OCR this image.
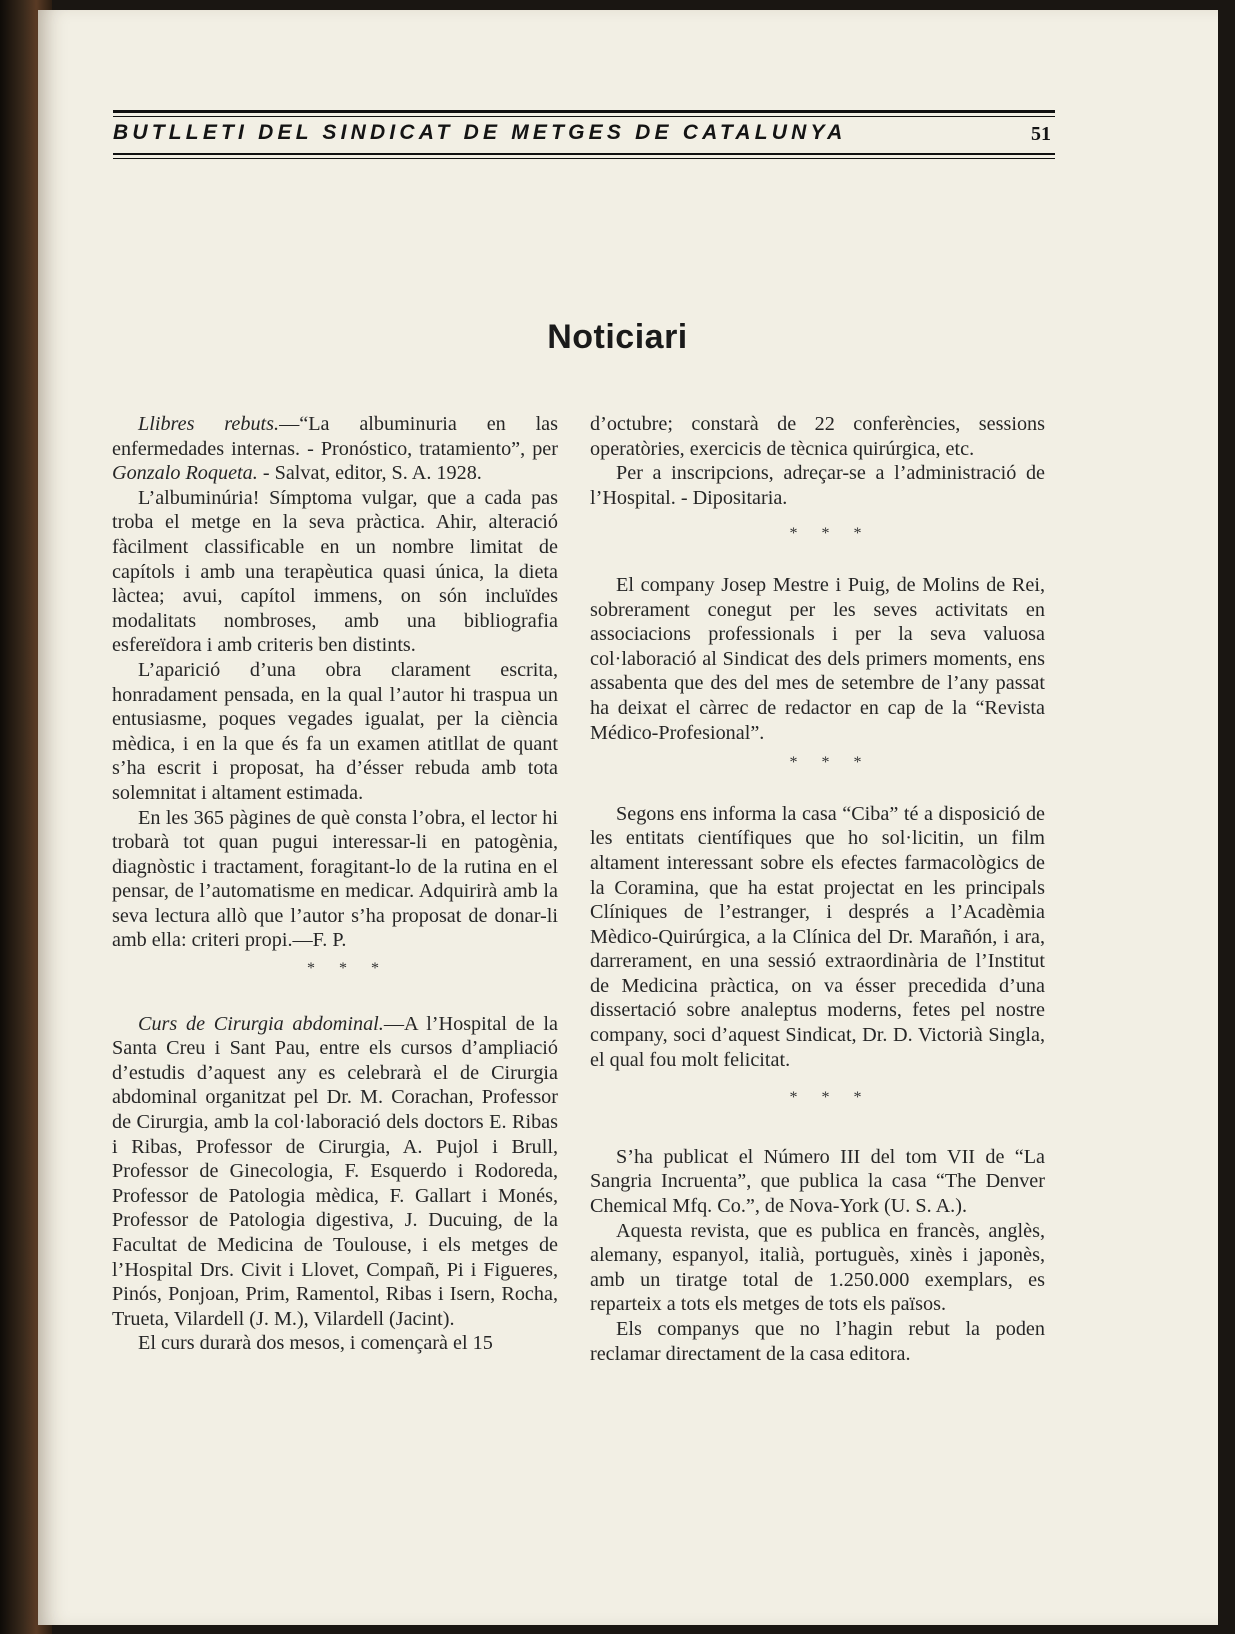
BUTLLETI DEL SINDICAT DE METGES DE CATALUNYA	51
Noticiari

Llibres rebuts.—“La albuminuria en las enfermedades internas. - Pronóstico, tratamiento”, per Gonzalo Roqueta. - Salvat, editor, S. A. 1928.

L’albuminúria! Símptoma vulgar, que a cada pas troba el metge en la seva pràctica. Ahir, alteració fàcilment classificable en un nombre limitat de capítols i amb una terapèutica quasi única, la dieta làctea; avui, capítol immens, on són incluïdes modalitats nombroses, amb una bibliografia esfereïdora i amb criteris ben distints.

L’aparició d’una obra clarament escrita, honradament pensada, en la qual l’autor hi traspua un entusiasme, poques vegades igualat, per la ciència mèdica, i en la que és fa un examen atitllat de quant s’ha escrit i proposat, ha d’ésser rebuda amb tota solemnitat i altament estimada.

En les 365 pàgines de què consta l’obra, el lector hi trobarà tot quan pugui interessar-li en patogènia, diagnòstic i tractament, foragitant-lo de la rutina en el pensar, de l’automatisme en medicar. Adquirirà amb la seva lectura allò que l’autor s’ha proposat de donar-li amb ella: criteri propi.—F. P.

* * *

Curs de Cirurgia abdominal.—A l’Hospital de la Santa Creu i Sant Pau, entre els cursos d’ampliació d’estudis d’aquest any es celebrarà el de Cirurgia abdominal organitzat pel Dr. M. Corachan, Professor de Cirurgia, amb la col·laboració dels doctors E. Ribas i Ribas, Professor de Cirurgia, A. Pujol i Brull, Professor de Ginecologia, F. Esquerdo i Rodoreda, Professor de Patologia mèdica, F. Gallart i Monés, Professor de Patologia digestiva, J. Ducuing, de la Facultat de Medicina de Toulouse, i els metges de l’Hospital Drs. Civit i Llovet, Compañ, Pi i Figueres, Pinós, Ponjoan, Prim, Ramentol, Ribas i Isern, Rocha, Trueta, Vilardell (J. M.), Vilardell (Jacint).

El curs durarà dos mesos, i començarà el 15

d’octubre; constarà de 22 conferències, sessions operatòries, exercicis de tècnica quirúrgica, etc.

Per a inscripcions, adreçar-se a l’administració de l’Hospital. - Dipositaria.

* * *

El company Josep Mestre i Puig, de Molins de Rei, sobrerament conegut per les seves activitats en associacions professionals i per la seva valuosa col·laboració al Sindicat des dels primers moments, ens assabenta que des del mes de setembre de l’any passat ha deixat el càrrec de redactor en cap de la “Revista Médico-Profesional”.

* * *

Segons ens informa la casa “Ciba” té a disposició de les entitats científiques que ho sol·licitin, un film altament interessant sobre els efectes farmacològics de la Coramina, que ha estat projectat en les principals Clíniques de l’estranger, i després a l’Acadèmia Mèdico-Quirúrgica, a la Clínica del Dr. Marañón, i ara, darrerament, en una sessió extraordinària de l’Institut de Medicina pràctica, on va ésser precedida d’una dissertació sobre analeptus moderns, fetes pel nostre company, soci d’aquest Sindicat, Dr. D. Victorià Singla, el qual fou molt felicitat.

* * *

S’ha publicat el Número III del tom VII de “La Sangria Incruenta”, que publica la casa “The Denver Chemical Mfq. Co.”, de Nova-York (U. S. A.).

Aquesta revista, que es publica en francès, anglès, alemany, espanyol, italià, portuguès, xinès i japonès, amb un tiratge total de 1.250.000 exemplars, es reparteix a tots els metges de tots els països.

Els companys que no l’hagin rebut la poden reclamar directament de la casa editora.
